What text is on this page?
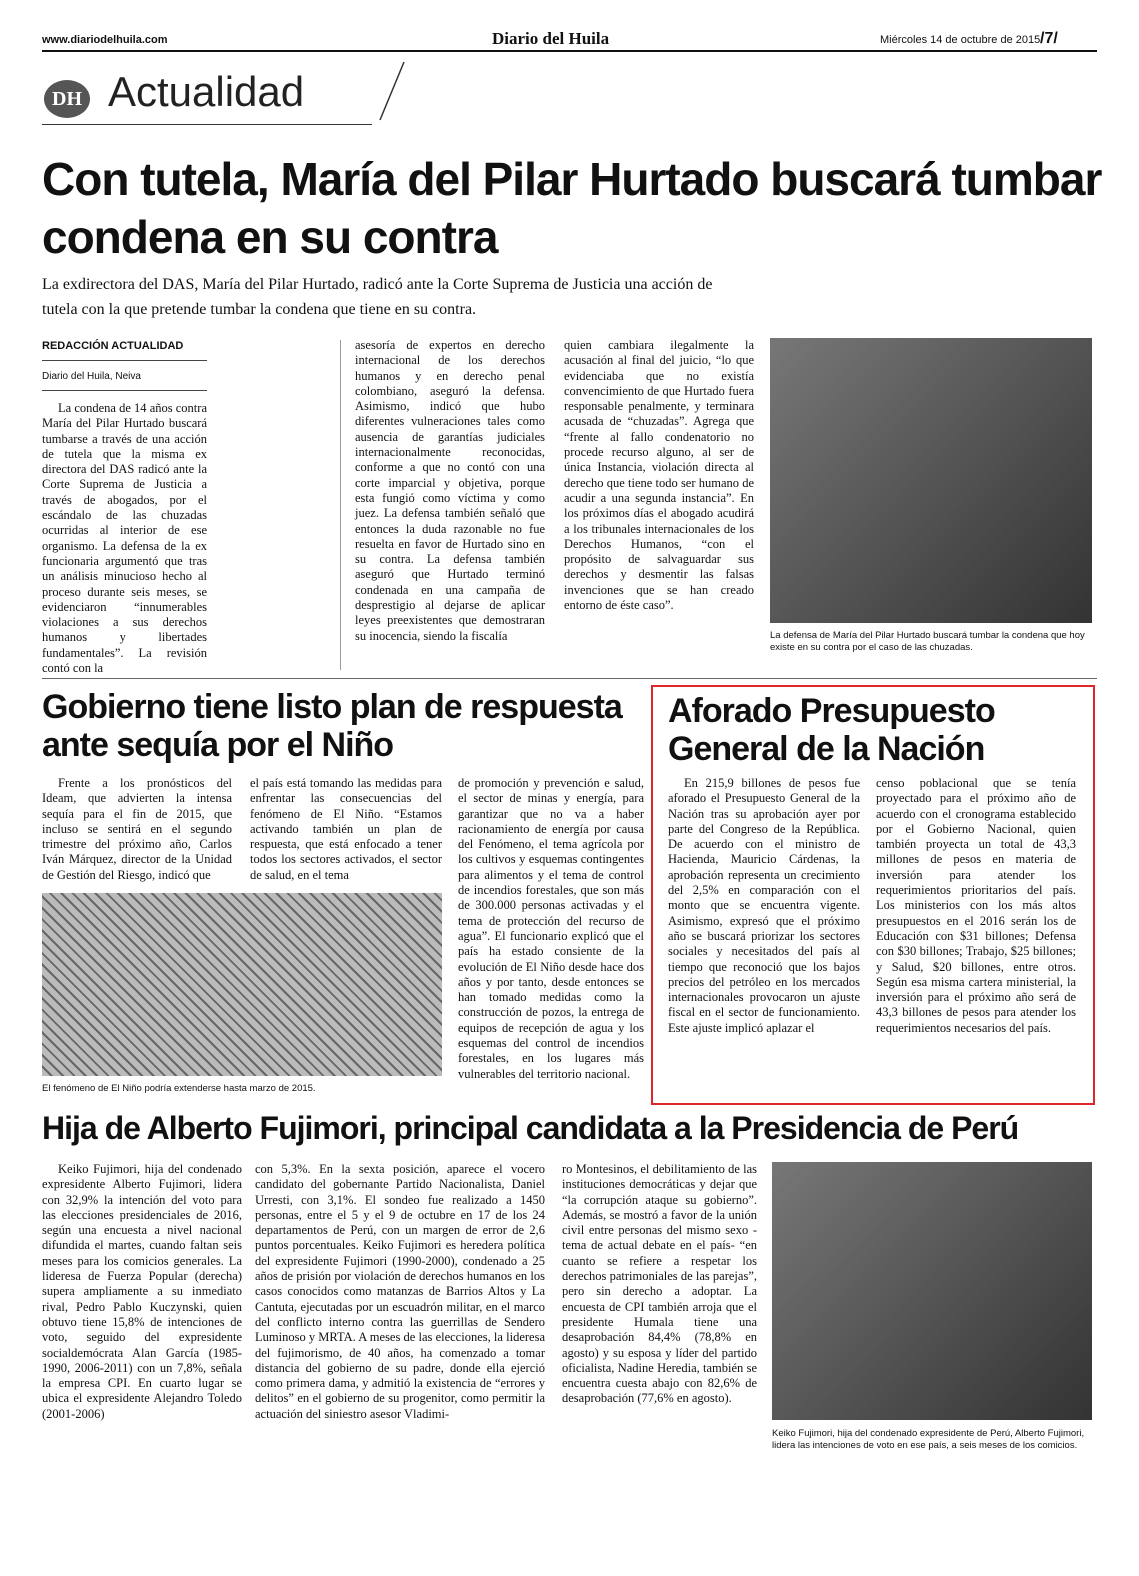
www.diariodelhuila.com	Diario del Huila	Miércoles 14 de octubre de 2015 /7/
DH Actualidad
Con tutela, María del Pilar Hurtado buscará tumbar condena en su contra
La exdirectora del DAS, María del Pilar Hurtado, radicó ante la Corte Suprema de Justicia una acción de tutela con la que pretende tumbar la condena que tiene en su contra.
REDACCIÓN ACTUALIDAD
Diario del Huila, Neiva

La condena de 14 años contra María del Pilar Hurtado buscará tumbarse a través de una acción de tutela que la misma ex directora del DAS radicó ante la Corte Suprema de Justicia a través de abogados, por el escándalo de las chuzadas ocurridas al interior de ese organismo. La defensa de la ex funcionaria argumentó que tras un análisis minucioso hecho al proceso durante seis meses, se evidenciaron “innumerables violaciones a sus derechos humanos y libertades fundamentales”. La revisión contó con la

asesoría de expertos en derecho internacional de los derechos humanos y en derecho penal colombiano, aseguró la defensa. Asimismo, indicó que hubo diferentes vulneraciones tales como ausencia de garantías judiciales internacionalmente reconocidas, conforme a que no contó con una corte imparcial y objetiva, porque esta fungió como víctima y como juez. La defensa también señaló que entonces la duda razonable no fue resuelta en favor de Hurtado sino en su contra. La defensa también aseguró que Hurtado terminó condenada en una campaña de desprestigio al dejarse de aplicar leyes preexistentes que demostraran su inocencia, siendo la fiscalía

quien cambiara ilegalmente la acusación al final del juicio, “lo que evidenciaba que no existía convencimiento de que Hurtado fuera responsable penalmente, y terminara acusada de “chuzadas”. Agrega que “frente al fallo condenatorio no procede recurso alguno, al ser de única Instancia, violación directa al derecho que tiene todo ser humano de acudir a una segunda instancia”. En los próximos días el abogado acudirá a los tribunales internacionales de los Derechos Humanos, “con el propósito de salvaguardar sus derechos y desmentir las falsas invenciones que se han creado entorno de éste caso”.

La defensa de María del Pilar Hurtado buscará tumbar la condena que hoy existe en su contra por el caso de las chuzadas.
Gobierno tiene listo plan de respuesta ante sequía por el Niño

Frente a los pronósticos del Ideam, que advierten la intensa sequía para el fin de 2015, que incluso se sentirá en el segundo trimestre del próximo año, Carlos Iván Márquez, director de la Unidad de Gestión del Riesgo, indicó que

el país está tomando las medidas para enfrentar las consecuencias del fenómeno de El Niño. “Estamos activando también un plan de respuesta, que está enfocado a tener todos los sectores activados, el sector de salud, en el tema

de promoción y prevención e salud, el sector de minas y energía, para garantizar que no va a haber racionamiento de energía por causa del Fenómeno, el tema agrícola por los cultivos y esquemas contingentes para alimentos y el tema de control de incendios forestales, que son más de 300.000 personas activadas y el tema de protección del recurso de agua”. El funcionario explicó que el país ha estado consiente de la evolución de El Niño desde hace dos años y por tanto, desde entonces se han tomado medidas como la construcción de pozos, la entrega de equipos de recepción de agua y los esquemas del control de incendios forestales, en los lugares más vulnerables del territorio nacional.

El fenómeno de El Niño podría extenderse hasta marzo de 2015.
Aforado Presupuesto General de la Nación

En 215,9 billones de pesos fue aforado el Presupuesto General de la Nación tras su aprobación ayer por parte del Congreso de la República. De acuerdo con el ministro de Hacienda, Mauricio Cárdenas, la aprobación representa un crecimiento del 2,5% en comparación con el monto que se encuentra vigente. Asimismo, expresó que el próximo año se buscará priorizar los sectores sociales y necesitados del país al tiempo que reconoció que los bajos precios del petróleo en los mercados internacionales provocaron un ajuste fiscal en el sector de funcionamiento. Este ajuste implicó aplazar el

censo poblacional que se tenía proyectado para el próximo año de acuerdo con el cronograma establecido por el Gobierno Nacional, quien también proyecta un total de 43,3 millones de pesos en materia de inversión para atender los requerimientos prioritarios del país. Los ministerios con los más altos presupuestos en el 2016 serán los de Educación con $31 billones; Defensa con $30 billones; Trabajo, $25 billones; y Salud, $20 billones, entre otros. Según esa misma cartera ministerial, la inversión para el próximo año será de 43,3 billones de pesos para atender los requerimientos necesarios del país.

Hija de Alberto Fujimori, principal candidata a la Presidencia de Perú

Keiko Fujimori, hija del condenado expresidente Alberto Fujimori, lidera con 32,9% la intención del voto para las elecciones presidenciales de 2016, según una encuesta a nivel nacional difundida el martes, cuando faltan seis meses para los comicios generales. La lideresa de Fuerza Popular (derecha) supera ampliamente a su inmediato rival, Pedro Pablo Kuczynski, quien obtuvo tiene 15,8% de intenciones de voto, seguido del expresidente socialdemócrata Alan García (1985-1990, 2006-2011) con un 7,8%, señala la empresa CPI. En cuarto lugar se ubica el expresidente Alejandro Toledo (2001-2006)

con 5,3%. En la sexta posición, aparece el vocero candidato del gobernante Partido Nacionalista, Daniel Urresti, con 3,1%. El sondeo fue realizado a 1450 personas, entre el 5 y el 9 de octubre en 17 de los 24 departamentos de Perú, con un margen de error de 2,6 puntos porcentuales. Keiko Fujimori es heredera política del expresidente Fujimori (1990-2000), condenado a 25 años de prisión por violación de derechos humanos en los casos conocidos como matanzas de Barrios Altos y La Cantuta, ejecutadas por un escuadrón militar, en el marco del conflicto interno contra las guerrillas de Sendero Luminoso y MRTA. A meses de las elecciones, la lideresa del fujimorismo, de 40 años, ha comenzado a tomar distancia del gobierno de su padre, donde ella ejerció como primera dama, y admitió la existencia de “errores y delitos” en el gobierno de su progenitor, como permitir la actuación del siniestro asesor Vladimi-

ro Montesinos, el debilitamiento de las instituciones democráticas y dejar que “la corrupción ataque su gobierno”. Además, se mostró a favor de la unión civil entre personas del mismo sexo -tema de actual debate en el país- “en cuanto se refiere a respetar los derechos patrimoniales de las parejas”, pero sin derecho a adoptar. La encuesta de CPI también arroja que el presidente Humala tiene una desaprobación 84,4% (78,8% en agosto) y su esposa y líder del partido oficialista, Nadine Heredia, también se encuentra cuesta abajo con 82,6% de desaprobación (77,6% en agosto).

Keiko Fujimori, hija del condenado expresidente de Perú, Alberto Fujimori, lidera las intenciones de voto en ese país, a seis meses de los comicios.
